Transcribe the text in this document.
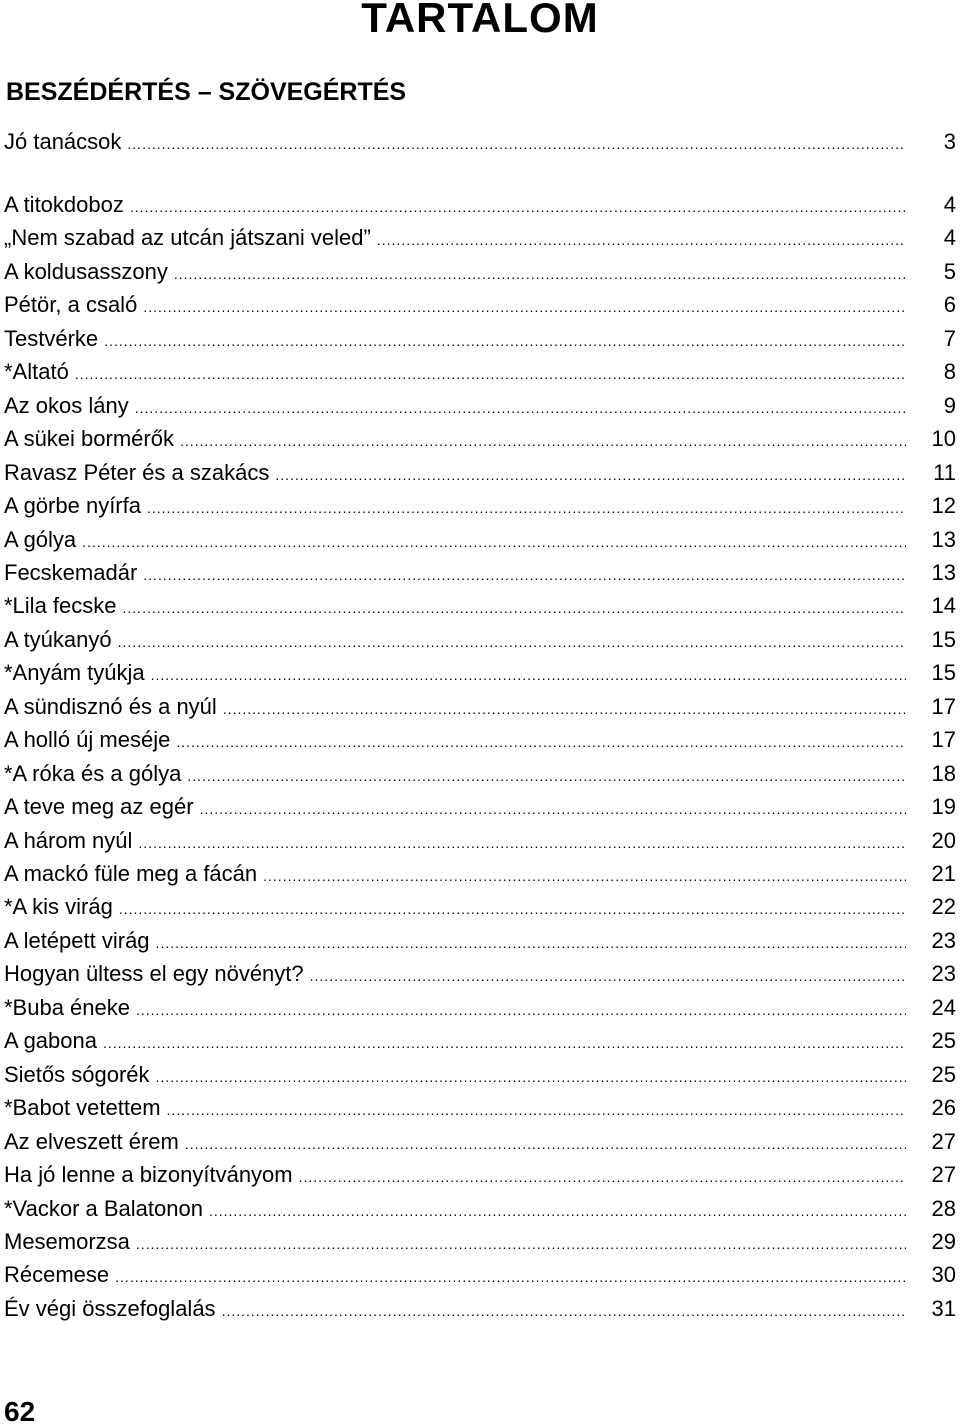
TARTALOM
BESZÉDÉRTÉS – SZÖVEGÉRTÉS
Jó tanácsok .....	3
A titokdoboz .....	4
„Nem szabad az utcán játszani veled” .....	4
A koldusasszony .....	5
Pétör, a csaló .....	6
Testvérke .....	7
*Altató .....	8
Az okos lány .....	9
A sükei bormérők .....	10
Ravasz Péter és a szakács .....	11
A görbe nyírfa .....	12
A gólya .....	13
Fecskemadár .....	13
*Lila fecske .....	14
A tyúkanyó .....	15
*Anyám tyúkja .....	15
A sündisznó és a nyúl .....	17
A holló új meséje .....	17
*A róka és a gólya .....	18
A teve meg az egér .....	19
A három nyúl .....	20
A mackó füle meg a fácán .....	21
*A kis virág .....	22
A letépett virág .....	23
Hogyan ültess el egy növényt? .....	23
*Buba éneke .....	24
A gabona .....	25
Sietős sógorék .....	25
*Babot vetettem .....	26
Az elveszett érem .....	27
Ha jó lenne a bizonyítványom .....	27
*Vackor a Balatonon .....	28
Mesemorzsa .....	29
Récemese .....	30
Év végi összefoglalás .....	31
62
